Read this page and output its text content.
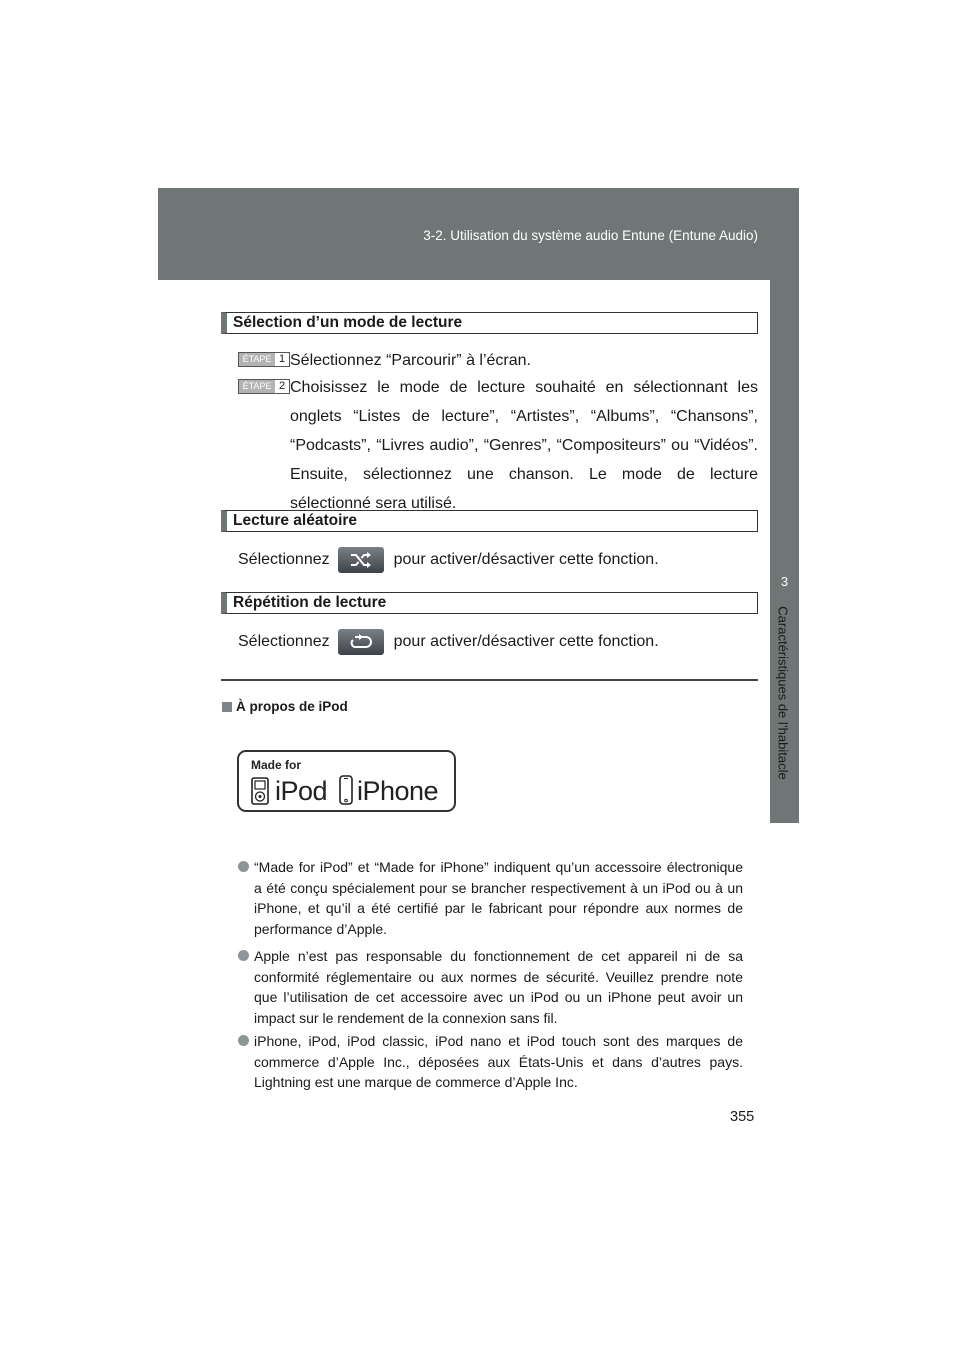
3-2. Utilisation du système audio Entune (Entune Audio)
3
Caractéristiques de l’habitacle
Sélection d’un mode de lecture
ÉTAPE 1 Sélectionnez “Parcourir” à l’écran.
ÉTAPE 2 Choisissez le mode de lecture souhaité en sélectionnant les onglets “Listes de lecture”, “Artistes”, “Albums”, “Chansons”, “Podcasts”, “Livres audio”, “Genres”, “Compositeurs” ou “Vidéos”. Ensuite, sélectionnez une chanson. Le mode de lecture sélectionné sera utilisé.
Lecture aléatoire
Sélectionnez	pour activer/désactiver cette fonction.
Répétition de lecture
Sélectionnez	pour activer/désactiver cette fonction.
À propos de iPod
Made for
iPod iPhone
“Made for iPod” et “Made for iPhone” indiquent qu’un accessoire électronique a été conçu spécialement pour se brancher respectivement à un iPod ou à un iPhone, et qu’il a été certifié par le fabricant pour répondre aux normes de performance d’Apple.
Apple n’est pas responsable du fonctionnement de cet appareil ni de sa conformité réglementaire ou aux normes de sécurité. Veuillez prendre note que l’utilisation de cet accessoire avec un iPod ou un iPhone peut avoir un impact sur le rendement de la connexion sans fil.
iPhone, iPod, iPod classic, iPod nano et iPod touch sont des marques de commerce d’Apple Inc., déposées aux États-Unis et dans d’autres pays. Lightning est une marque de commerce d’Apple Inc.
355
